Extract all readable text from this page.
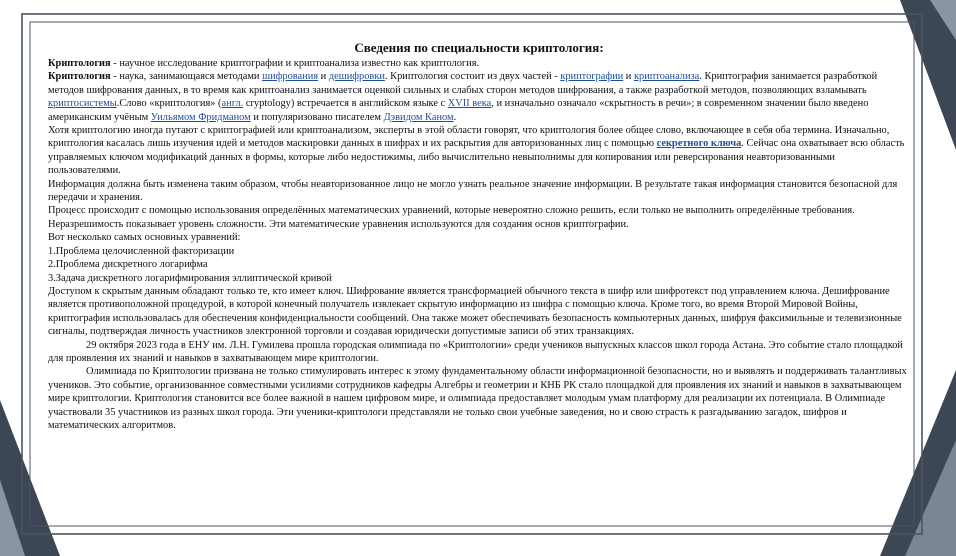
Сведения по специальности криптология:

Криптология - научное исследование криптографии и криптоанализа известно как криптология.

Криптология - наука, занимающаяся методами шифрования и дешифровки. Криптология состоит из двух частей - криптографии и криптоанализа. Криптография занимается разработкой методов шифрования данных, в то время как криптоанализ занимается оценкой сильных и слабых сторон методов шифрования, а также разработкой методов, позволяющих взламывать криптосистемы.Слово «криптология» (англ. cryptology) встречается в английском языке с XVII века, и изначально означало «скрытность в речи»; в современном значении было введено американским учёным Уильямом Фридманом и популяризовано писателем Дэвидом Каном.

Хотя криптологию иногда путают с криптографией или криптоанализом, эксперты в этой области говорят, что криптология более общее слово, включающее в себя оба термина. Изначально, криптология касалась лишь изучения идей и методов маскировки данных в шифрах и их раскрытия для авторизованных лиц с помощью секретного ключа. Сейчас она охватывает всю область управляемых ключом модификаций данных в формы, которые либо недостижимы, либо вычислительно невыполнимы для копирования или реверсирования неавторизованными пользователями.

Информация должна быть изменена таким образом, чтобы неавторизованное лицо не могло узнать реальное значение информации. В результате такая информация становится безопасной для передачи и хранения.

Процесс происходит с помощью использования определённых математических уравнений, которые невероятно сложно решить, если только не выполнить определённые требования. Неразрешимость показывает уровень сложности. Эти математические уравнения используются для создания основ криптографии.

Вот несколько самых основных уравнений:

1.Проблема целочисленной факторизации

2.Проблема дискретного логарифма

3.Задача дискретного логарифмирования эллиптической кривой

Доступом к скрытым данным обладают только те, кто имеет ключ. Шифрование является трансформацией обычного текста в шифр или шифротекст под управлением ключа. Дешифрование является противоположной процедурой, в которой конечный получатель извлекает скрытую информацию из шифра с помощью ключа. Кроме того, во время Второй Мировой Войны, криптография использовалась для обеспечения конфиденциальности сообщений. Она также может обеспечивать безопасность компьютерных данных, шифруя факсимильные и телевизионные сигналы, подтверждая личность участников электронной торговли и создавая юридически допустимые записи об этих транзакциях.

29 октября 2023 года в ЕНУ им. Л.Н. Гумилева прошла городская олимпиада по «Криптологии» среди учеников выпускных классов школ города Астана. Это событие стало площадкой для проявления их знаний и навыков в захватывающем мире криптологии.

Олимпиада по Криптологии призвана не только стимулировать интерес к этому фундаментальному области информационной безопасности, но и выявлять и поддерживать талантливых учеников. Это событие, организованное совместными усилиями сотрудников кафедры Алгебры и геометрии и КНБ РК стало площадкой для проявления их знаний и навыков в захватывающем мире криптологии. Криптология становится все более важной в нашем цифровом мире, и олимпиада предоставляет молодым умам платформу для реализации их потенциала. В Олимпиаде участвовали 35 участников из разных школ города. Эти ученики-криптологи представляли не только свои учебные заведения, но и свою страсть к разгадыванию загадок, шифров и математических алгоритмов.
